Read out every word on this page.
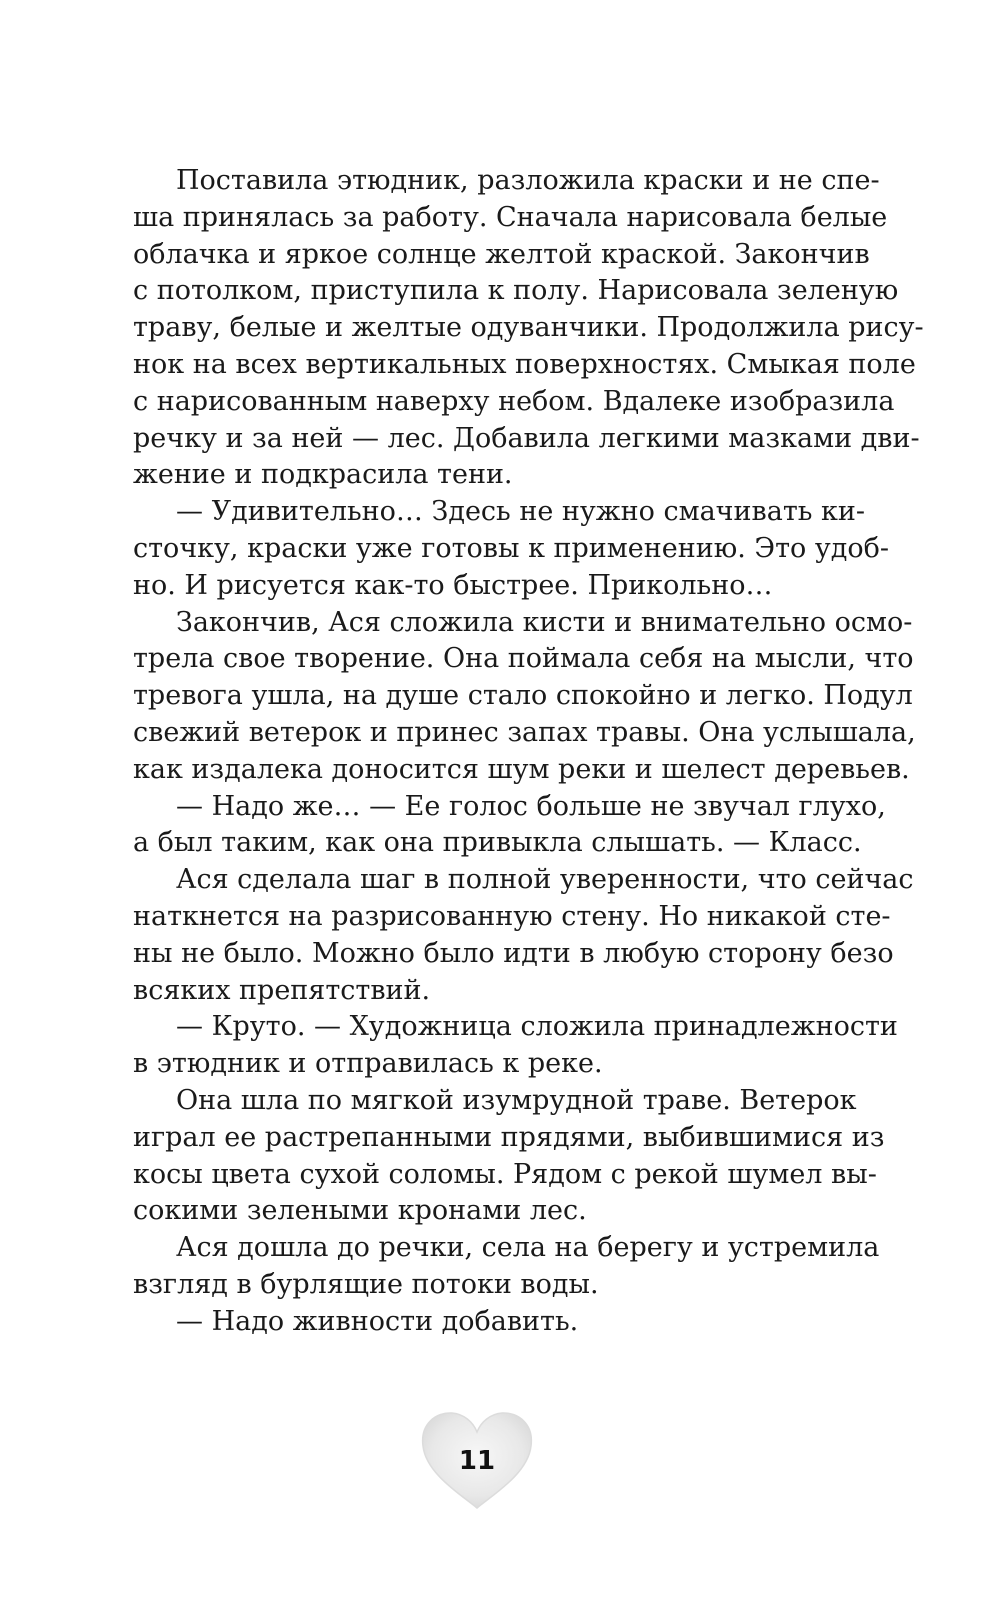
Поставила этюдник, разложила краски и не спе-
ша принялась за работу. Сначала нарисовала белые
облачка и яркое солнце желтой краской. Закончив
с потолком, приступила к полу. Нарисовала зеленую
траву, белые и желтые одуванчики. Продолжила рису-
нок на всех вертикальных поверхностях. Смыкая поле
с нарисованным наверху небом. Вдалеке изобразила
речку и за ней — лес. Добавила легкими мазками дви-
жение и подкрасила тени.
— Удивительно… Здесь не нужно смачивать ки-
сточку, краски уже готовы к применению. Это удоб-
но. И рисуется как-то быстрее. Прикольно…
Закончив, Ася сложила кисти и внимательно осмо-
трела свое творение. Она поймала себя на мысли, что
тревога ушла, на душе стало спокойно и легко. Подул
свежий ветерок и принес запах травы. Она услышала,
как издалека доносится шум реки и шелест деревьев.
— Надо же… — Ее голос больше не звучал глухо,
а был таким, как она привыкла слышать. — Класс.
Ася сделала шаг в полной уверенности, что сейчас
наткнется на разрисованную стену. Но никакой сте-
ны не было. Можно было идти в любую сторону безо
всяких препятствий.
— Круто. — Художница сложила принадлежности
в этюдник и отправилась к реке.
Она шла по мягкой изумрудной траве. Ветерок
играл ее растрепанными прядями, выбившимися из
косы цвета сухой соломы. Рядом с рекой шумел вы-
сокими зелеными кронами лес.
Ася дошла до речки, села на берегу и устремила
взгляд в бурлящие потоки воды.
— Надо живности добавить.
11
